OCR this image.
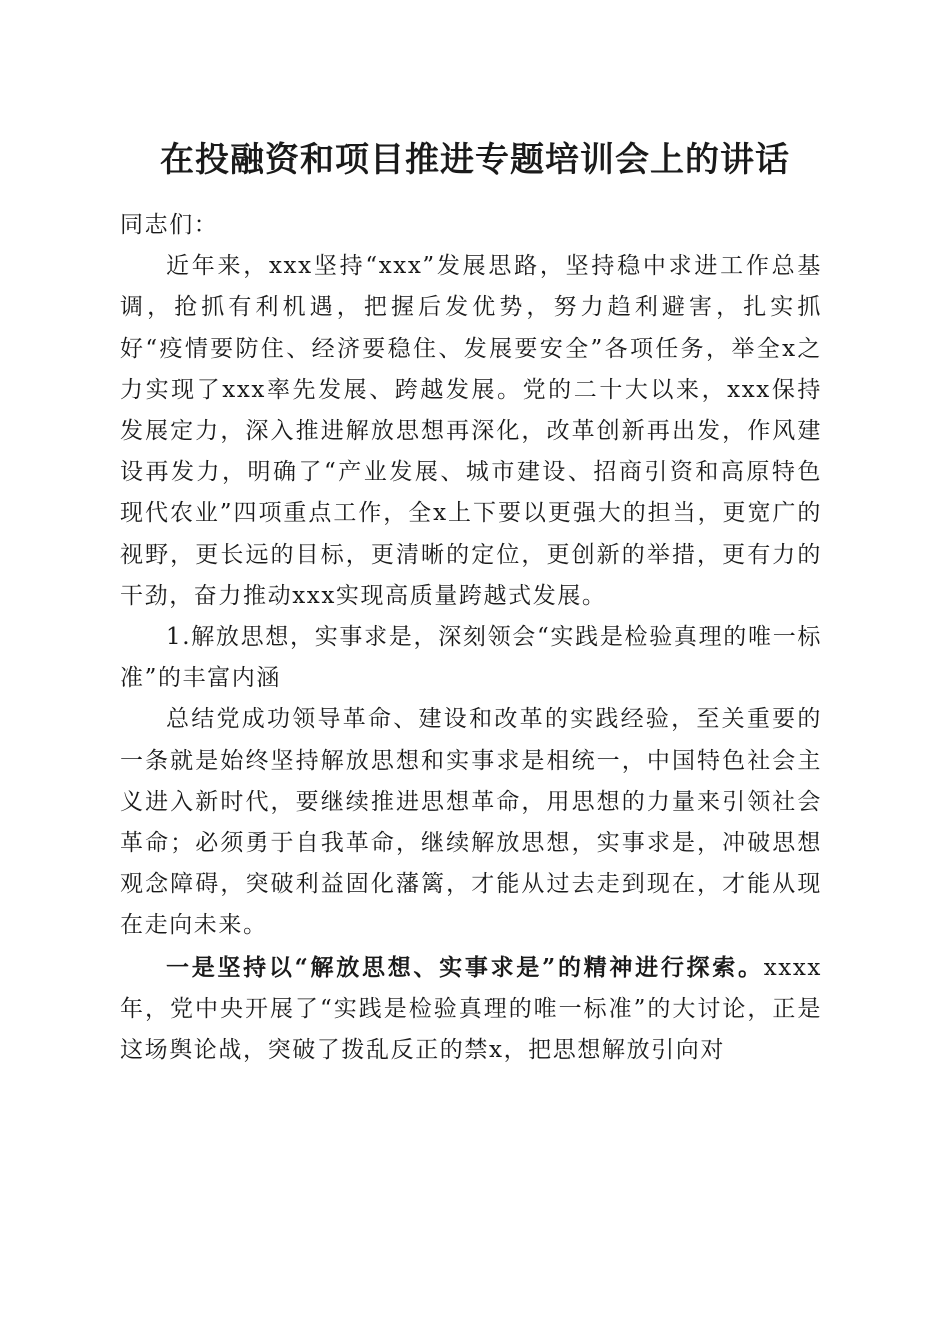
在投融资和项目推进专题培训会上的讲话

同志们：

近年来，xxx坚持“xxx”发展思路，坚持稳中求进工作总基调，抢抓有利机遇，把握后发优势，努力趋利避害，扎实抓好“疫情要防住、经济要稳住、发展要安全”各项任务，举全x之力实现了xxx率先发展、跨越发展。党的二十大以来，xxx保持发展定力，深入推进解放思想再深化，改革创新再出发，作风建设再发力，明确了“产业发展、城市建设、招商引资和高原特色现代农业”四项重点工作，全x上下要以更强大的担当，更宽广的视野，更长远的目标，更清晰的定位，更创新的举措，更有力的干劲，奋力推动xxx实现高质量跨越式发展。

1.解放思想，实事求是，深刻领会“实践是检验真理的唯一标准”的丰富内涵

总结党成功领导革命、建设和改革的实践经验，至关重要的一条就是始终坚持解放思想和实事求是相统一，中国特色社会主义进入新时代，要继续推进思想革命，用思想的力量来引领社会革命；必须勇于自我革命，继续解放思想，实事求是，冲破思想观念障碍，突破利益固化藩篱，才能从过去走到现在，才能从现在走向未来。

一是坚持以“解放思想、实事求是”的精神进行探索。xxxx年，党中央开展了“实践是检验真理的唯一标准”的大讨论，正是这场舆论战，突破了拨乱反正的禁x，把思想解放引向对
